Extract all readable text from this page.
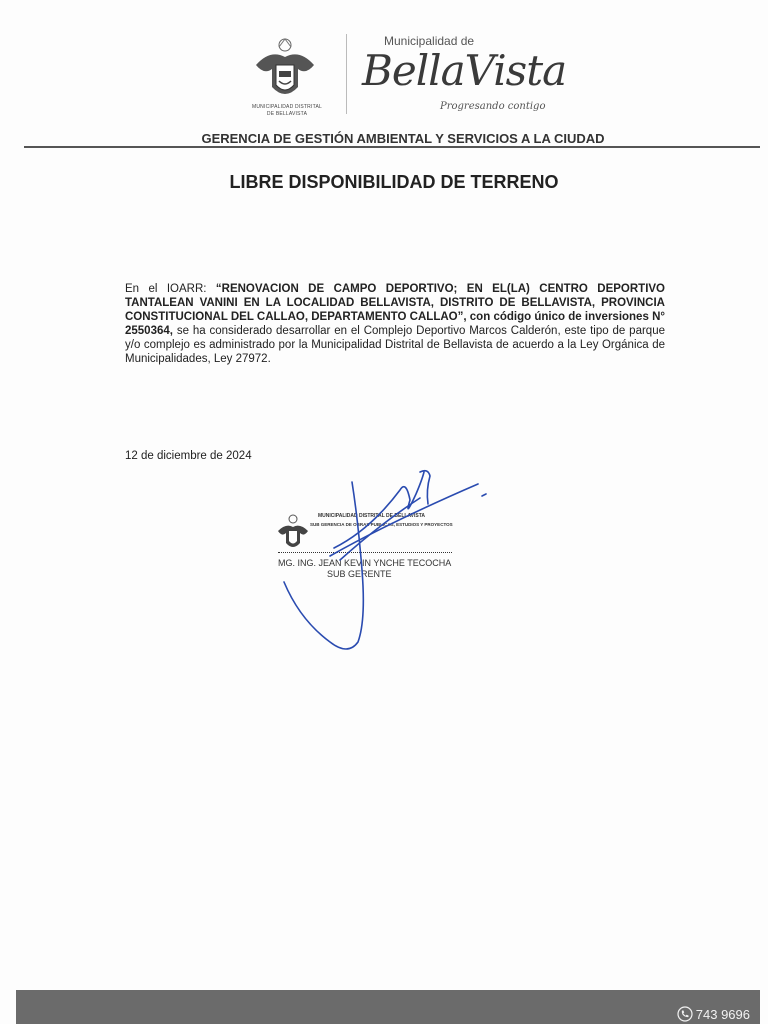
MUNICIPALIDAD DISTRITAL
DE BELLAVISTA
Municipalidad de
BellaVista
Progresando contigo
GERENCIA DE GESTIÓN AMBIENTAL Y SERVICIOS A LA CIUDAD
LIBRE DISPONIBILIDAD DE TERRENO
En el IOARR: “RENOVACION DE CAMPO DEPORTIVO; EN EL(LA) CENTRO DEPORTIVO TANTALEAN VANINI EN LA LOCALIDAD BELLAVISTA, DISTRITO DE BELLAVISTA, PROVINCIA CONSTITUCIONAL DEL CALLAO, DEPARTAMENTO CALLAO”, con código único de inversiones N° 2550364, se ha considerado desarrollar en el Complejo Deportivo Marcos Calderón, este tipo de parque y/o complejo es administrado por la Municipalidad Distrital de Bellavista de acuerdo a la Ley Orgánica de Municipalidades, Ley 27972.
12 de diciembre de 2024
MUNICIPALIDAD DISTRITAL DE BELLAVISTA
SUB GERENCIA DE OBRAS PUBLICAS, ESTUDIOS Y PROYECTOS
MG. ING. JEAN KEVIN YNCHE TECOCHA
SUB GERENTE
743 9696
